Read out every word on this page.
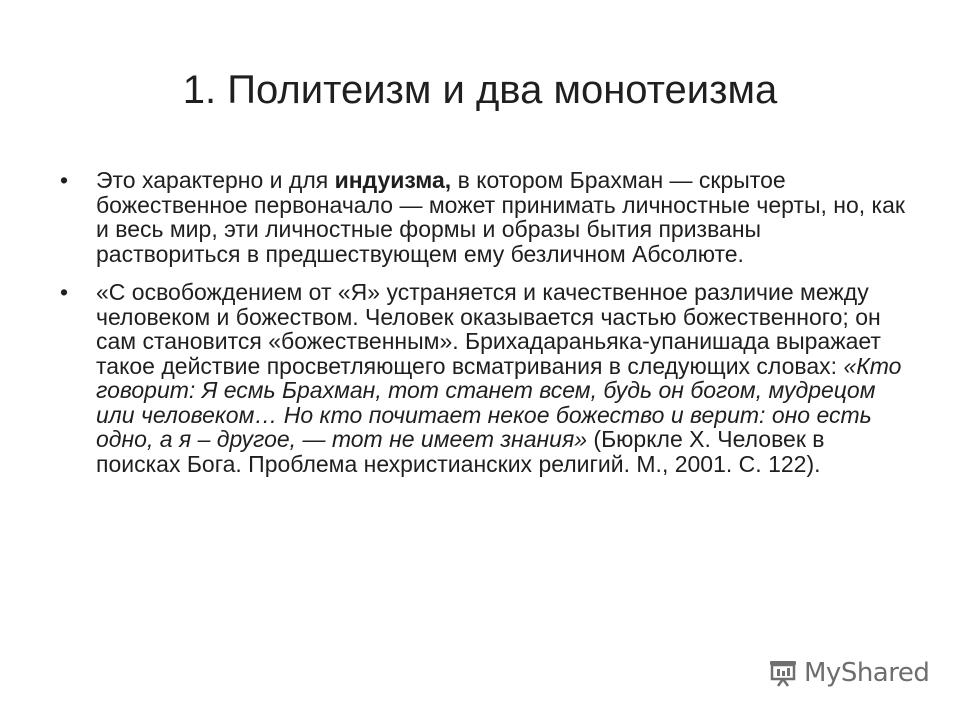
1. Политеизм и два монотеизма
•	Это характерно и для индуизма, в котором Брахман — скрытое божественное первоначало — может принимать личностные черты, но, как и весь мир, эти личностные формы и образы бытия призваны раствориться в предшествующем ему безличном Абсолюте.
•	«С освобождением от «Я» устраняется и качественное различие между человеком и божеством. Человек оказывается частью божественного; он сам становится «божественным». Брихадараньяка-упанишада выражает такое действие просветляющего всматривания в следующих словах: «Кто говорит: Я есмь Брахман, тот станет всем, будь он богом, мудрецом или человеком… Но кто почитает некое божество и верит: оно есть одно, а я – другое, — тот не имеет знания» (Бюркле Х. Человек в поисках Бога. Проблема нехристианских религий. М., 2001. С. 122).
MyShared
